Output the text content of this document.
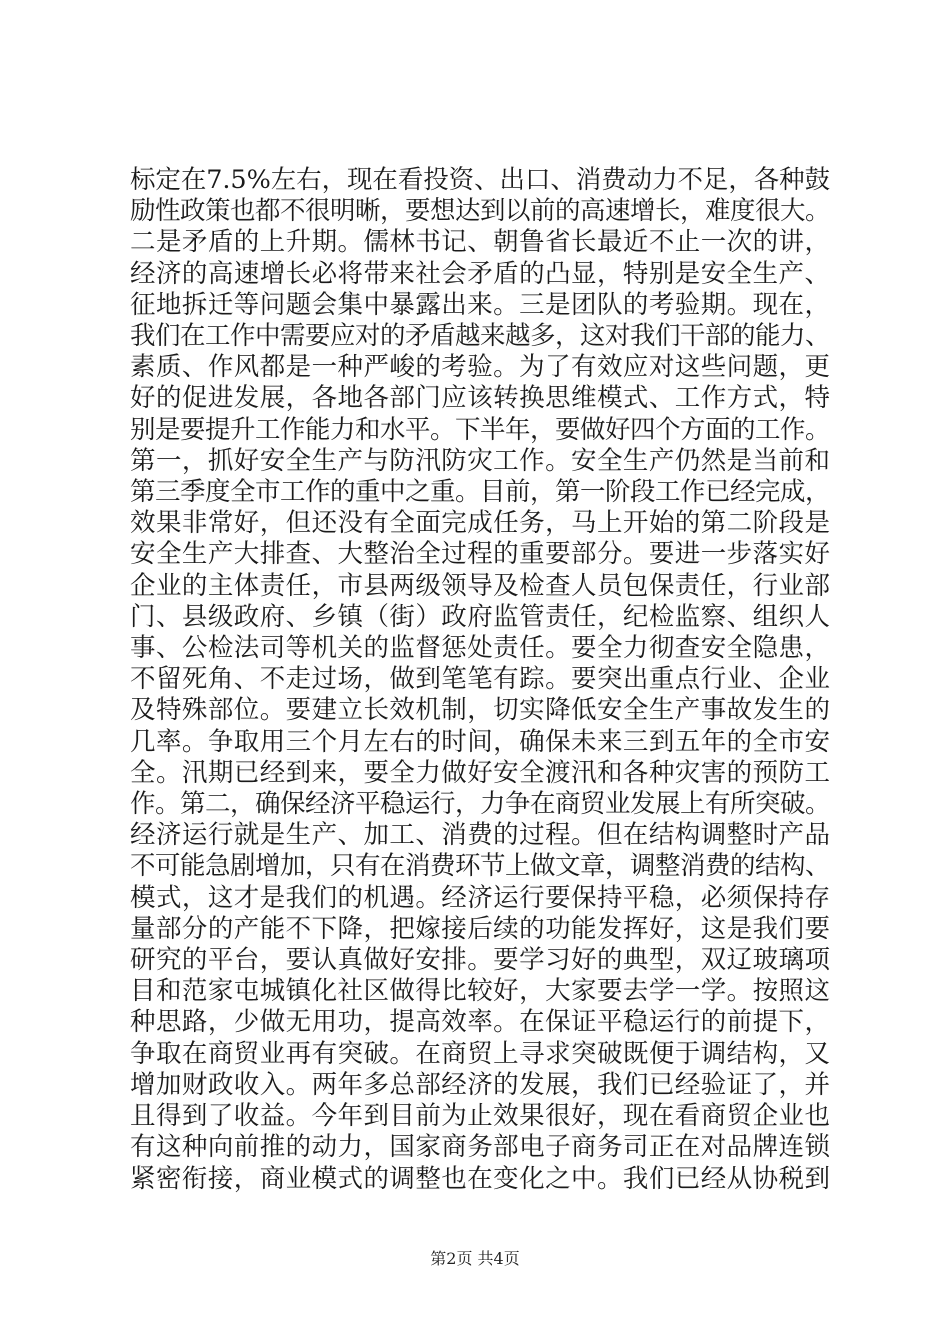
标定在7.5%左右，现在看投资、出口、消费动力不足，各种鼓
励性政策也都不很明晰，要想达到以前的高速增长，难度很大。
二是矛盾的上升期。儒林书记、朝鲁省长最近不止一次的讲，
经济的高速增长必将带来社会矛盾的凸显，特别是安全生产、
征地拆迁等问题会集中暴露出来。三是团队的考验期。现在，
我们在工作中需要应对的矛盾越来越多，这对我们干部的能力、
素质、作风都是一种严峻的考验。为了有效应对这些问题，更
好的促进发展，各地各部门应该转换思维模式、工作方式，特
别是要提升工作能力和水平。下半年，要做好四个方面的工作。
第一，抓好安全生产与防汛防灾工作。安全生产仍然是当前和
第三季度全市工作的重中之重。目前，第一阶段工作已经完成，
效果非常好，但还没有全面完成任务，马上开始的第二阶段是
安全生产大排查、大整治全过程的重要部分。要进一步落实好
企业的主体责任，市县两级领导及检查人员包保责任，行业部
门、县级政府、乡镇（街）政府监管责任，纪检监察、组织人
事、公检法司等机关的监督惩处责任。要全力彻查安全隐患，
不留死角、不走过场，做到笔笔有踪。要突出重点行业、企业
及特殊部位。要建立长效机制，切实降低安全生产事故发生的
几率。争取用三个月左右的时间，确保未来三到五年的全市安
全。汛期已经到来，要全力做好安全渡汛和各种灾害的预防工
作。第二，确保经济平稳运行，力争在商贸业发展上有所突破。
经济运行就是生产、加工、消费的过程。但在结构调整时产品
不可能急剧增加，只有在消费环节上做文章，调整消费的结构、
模式，这才是我们的机遇。经济运行要保持平稳，必须保持存
量部分的产能不下降，把嫁接后续的功能发挥好，这是我们要
研究的平台，要认真做好安排。要学习好的典型，双辽玻璃项
目和范家屯城镇化社区做得比较好，大家要去学一学。按照这
种思路，少做无用功，提高效率。在保证平稳运行的前提下，
争取在商贸业再有突破。在商贸上寻求突破既便于调结构，又
增加财政收入。两年多总部经济的发展，我们已经验证了，并
且得到了收益。今年到目前为止效果很好，现在看商贸企业也
有这种向前推的动力，国家商务部电子商务司正在对品牌连锁
紧密衔接，商业模式的调整也在变化之中。我们已经从协税到
第2页 共4页
